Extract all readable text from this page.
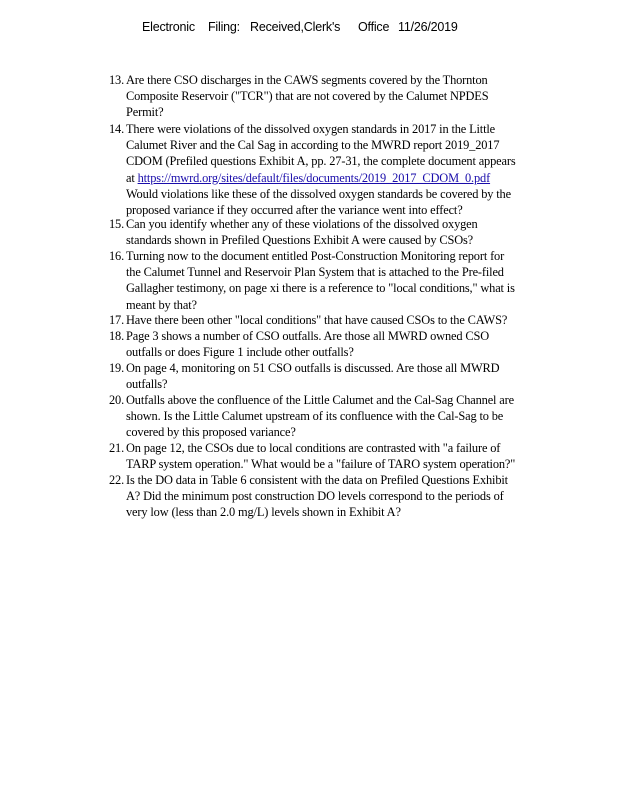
Electronic Filing: Received,Clerk's Office 11/26/2019
13. Are there CSO discharges in the CAWS segments covered by the Thornton
Composite Reservoir ("TCR") that are not covered by the Calumet NPDES
Permit?
14. There were violations of the dissolved oxygen standards in 2017 in the Little
Calumet River and the Cal Sag in according to the MWRD report 2019_2017
CDOM (Prefiled questions Exhibit A, pp. 27-31, the complete document appears
at https://mwrd.org/sites/default/files/documents/2019_2017_CDOM_0.pdf
Would violations like these of the dissolved oxygen standards be covered by the
proposed variance if they occurred after the variance went into effect?
15. Can you identify whether any of these violations of the dissolved oxygen
standards shown in Prefiled Questions Exhibit A were caused by CSOs?
16. Turning now to the document entitled Post-Construction Monitoring report for
the Calumet Tunnel and Reservoir Plan System that is attached to the Pre-filed
Gallagher testimony, on page xi there is a reference to "local conditions," what is
meant by that?
17. Have there been other "local conditions" that have caused CSOs to the CAWS?
18. Page 3 shows a number of CSO outfalls. Are those all MWRD owned CSO
outfalls or does Figure 1 include other outfalls?
19. On page 4, monitoring on 51 CSO outfalls is discussed. Are those all MWRD
outfalls?
20. Outfalls above the confluence of the Little Calumet and the Cal-Sag Channel are
shown. Is the Little Calumet upstream of its confluence with the Cal-Sag to be
covered by this proposed variance?
21. On page 12, the CSOs due to local conditions are contrasted with "a failure of
TARP system operation." What would be a "failure of TARO system operation?"
22. Is the DO data in Table 6 consistent with the data on Prefiled Questions Exhibit
A? Did the minimum post construction DO levels correspond to the periods of
very low (less than 2.0 mg/L) levels shown in Exhibit A?
